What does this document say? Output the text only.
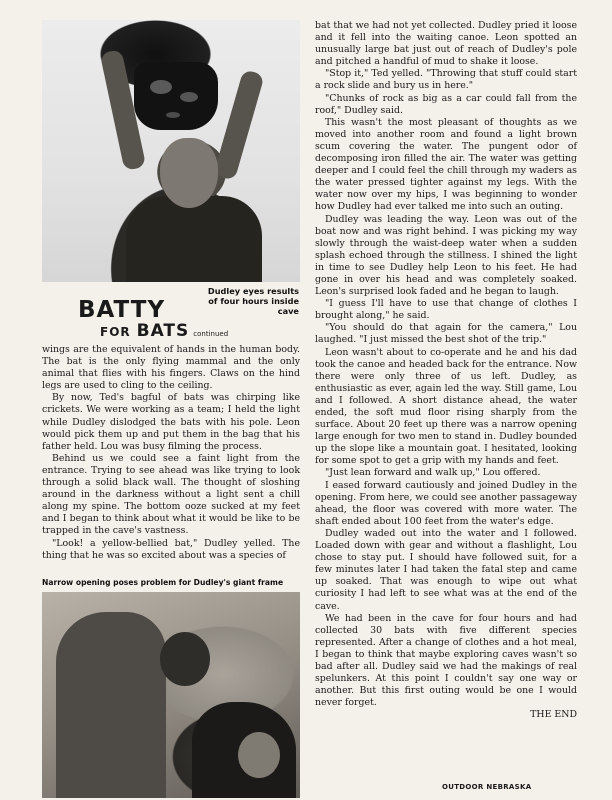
Dudley eyes results of four hours inside cave
BATTY
FOR BATS continued

wings are the equivalent of hands in the human body. The bat is the only flying mammal and the only animal that flies with his fingers. Claws on the hind legs are used to cling to the ceiling.

By now, Ted's bagful of bats was chirping like crickets. We were working as a team; I held the light while Dudley dislodged the bats with his pole. Leon would pick them up and put them in the bag that his father held. Lou was busy filming the process.

Behind us we could see a faint light from the entrance. Trying to see ahead was like trying to look through a solid black wall. The thought of sloshing around in the darkness without a light sent a chill along my spine. The bottom ooze sucked at my feet and I began to think about what it would be like to be trapped in the cave's vastness.

"Look! a yellow-bellied bat," Dudley yelled. The thing that he was so excited about was a species of

Narrow opening poses problem for Dudley's giant frame

bat that we had not yet collected. Dudley pried it loose and it fell into the waiting canoe. Leon spotted an unusually large bat just out of reach of Dudley's pole and pitched a handful of mud to shake it loose.

"Stop it," Ted yelled. "Throwing that stuff could start a rock slide and bury us in here."

"Chunks of rock as big as a car could fall from the roof," Dudley said.

This wasn't the most pleasant of thoughts as we moved into another room and found a light brown scum covering the water. The pungent odor of decomposing iron filled the air. The water was getting deeper and I could feel the chill through my waders as the water pressed tighter against my legs. With the water now over my hips, I was beginning to wonder how Dudley had ever talked me into such an outing.

Dudley was leading the way. Leon was out of the boat now and was right behind. I was picking my way slowly through the waist-deep water when a sudden splash echoed through the stillness. I shined the light in time to see Dudley help Leon to his feet. He had gone in over his head and was completely soaked. Leon's surprised look faded and he began to laugh.

"I guess I'll have to use that change of clothes I brought along," he said.

"You should do that again for the camera," Lou laughed. "I just missed the best shot of the trip."

Leon wasn't about to co-operate and he and his dad took the canoe and headed back for the entrance. Now there were only three of us left. Dudley, as enthusiastic as ever, again led the way. Still game, Lou and I followed. A short distance ahead, the water ended, the soft mud floor rising sharply from the surface. About 20 feet up there was a narrow opening large enough for two men to stand in. Dudley bounded up the slope like a mountain goat. I hesitated, looking for some spot to get a grip with my hands and feet.

"Just lean forward and walk up," Lou offered.

I eased forward cautiously and joined Dudley in the opening. From here, we could see another passageway ahead, the floor was covered with more water. The shaft ended about 100 feet from the water's edge.

Dudley waded out into the water and I followed. Loaded down with gear and without a flashlight, Lou chose to stay put. I should have followed suit, for a few minutes later I had taken the fatal step and came up soaked. That was enough to wipe out what curiosity I had left to see what was at the end of the cave.

We had been in the cave for four hours and had collected 30 bats with five different species represented. After a change of clothes and a hot meal, I began to think that maybe exploring caves wasn't so bad after all. Dudley said we had the makings of real spelunkers. At this point I couldn't say one way or another. But this first outing would be one I would never forget.

THE END
OUTDOOR NEBRASKA
